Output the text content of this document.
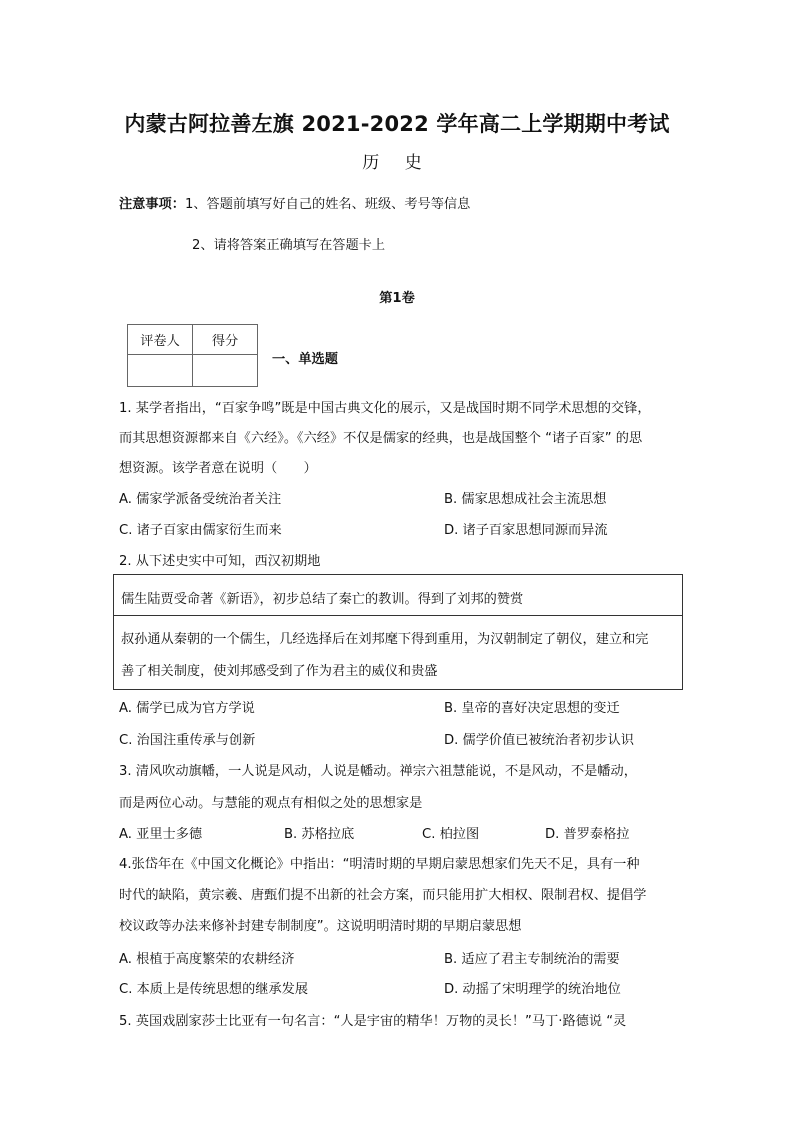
内蒙古阿拉善左旗 2021-2022 学年高二上学期期中考试
历 史
注意事项：1、答题前填写好自己的姓名、班级、考号等信息
2、请将答案正确填写在答题卡上
第1卷
评卷人	得分

一、单选题
1. 某学者指出，“百家争鸣”既是中国古典文化的展示，又是战国时期不同学术思想的交锋，
而其思想资源都来自《六经》。《六经》不仅是儒家的经典，也是战国整个 “诸子百家” 的思
想资源。该学者意在说明（　　）
A. 儒家学派备受统治者关注	B. 儒家思想成社会主流思想
C. 诸子百家由儒家衍生而来	D. 诸子百家思想同源而异流
2. 从下述史实中可知，西汉初期地
儒生陆贾受命著《新语》，初步总结了秦亡的教训。得到了刘邦的赞赏
叔孙通从秦朝的一个儒生，几经选择后在刘邦麾下得到重用，为汉朝制定了朝仪，建立和完
善了相关制度，使刘邦感受到了作为君主的威仪和贵盛
A. 儒学已成为官方学说	B. 皇帝的喜好决定思想的变迁
C. 治国注重传承与创新	D. 儒学价值已被统治者初步认识
3. 清风吹动旗幡，一人说是风动，人说是幡动。禅宗六祖慧能说，不是风动，不是幡动，
而是两位心动。与慧能的观点有相似之处的思想家是
A. 亚里士多德	B. 苏格拉底	C. 柏拉图	D. 普罗泰格拉
4.张岱年在《中国文化概论》中指出：“明清时期的早期启蒙思想家们先天不足，具有一种
时代的缺陷，黄宗羲、唐甄们提不出新的社会方案，而只能用扩大相权、限制君权、提倡学
校议政等办法来修补封建专制制度”。这说明明清时期的早期启蒙思想
A. 根植于高度繁荣的农耕经济	B. 适应了君主专制统治的需要
C. 本质上是传统思想的继承发展	D. 动摇了宋明理学的统治地位
5. 英国戏剧家莎士比亚有一句名言：“人是宇宙的精华！万物的灵长！”马丁·路德说 “灵
